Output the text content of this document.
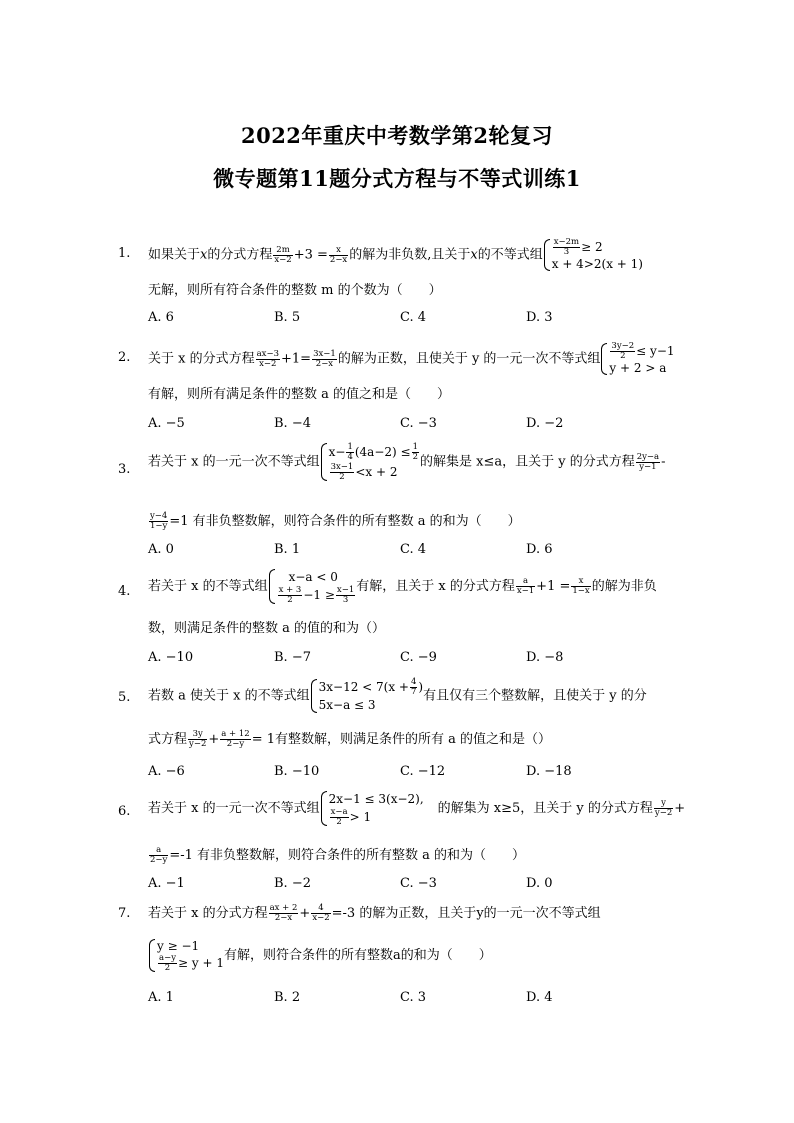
2022年重庆中考数学第2轮复习
微专题第11题分式方程与不等式训练1
1.	如果关于x的分式方程 $\frac{2m}{x-2} +3 = \frac{x}{2-x}$ 的解为非负数,且关于x的不等式组 $\frac{x-2m}{3} \ge 2$
x + 4>2(x + 1)
无解，则所有符合条件的整数 m 的个数为（　　）
A. 6	B. 5	C. 4	D. 3
2.	关于 x 的分式方程 $\frac{ax-3}{x-2} +1= \frac{3x-1}{2-x}$ 的解为正数，且使关于 y 的一元一次不等式组 $\frac{3y-2}{2} \le y-1$
y + 2 > a
有解，则所有满足条件的整数 a 的值之和是（　　）
A. −5	B. −4	C. −3	D. −2
3.	若关于 x 的一元一次不等式组
$x- \frac{1}{4} (4a-2) \le \frac{1}{2}$
$\frac{3x-1}{2} <x + 2$
的解集是 x≤a，且关于 y 的分式方程 $\frac{2y-a}{y-1}$ -
$\frac{y-4}{1-y} =1$ 有非负整数解，则符合条件的所有整数 a 的和为（　　）
A. 0	B. 1	C. 4	D. 6
4.	若关于 x 的不等式组
x−a < 0
$\frac{x + 3}{2} -1 \ge \frac{x-1}{3}$ 有解，且关于 x 的分式方程 $\frac{a}{x-1} +1 = \frac{x}{1-x}$ 的解为非负
数，则满足条件的整数 a 的值的和为（）
A. −10	B. −7	C. −9	D. −8
5.	若数 a 使关于 x 的不等式组
$3x-12 < 7(x + \frac{4}{7}$ )
5x−a ≤ 3
有且仅有三个整数解，且使关于 y 的分
式方程 $\frac{3y}{y-2} + \frac{a + 12}{2-y} = 1$有整数解，则满足条件的所有 a 的值之和是（）
A. −6	B. −10	C. −12	D. −18
6.	若关于 x 的一元一次不等式组
2x−1 ≤ 3(x−2),
$\frac{x-a}{2} > 1$
的解集为 x≥5，且关于 y 的分式方程 $\frac{y}{y-2}$ +
$\frac{a}{2-y} =-1$ 有非负整数解，则符合条件的所有整数 a 的和为（　　）
A. −1	B. −2	C. −3	D. 0
7.	若关于 x 的分式方程 $\frac{ax + 2}{2-x} + \frac{4}{x-2} =-3$ 的解为正数，且关于y的一元一次不等式组
y ≥ −1
$\frac{a-y}{2} \ge y + 1$ 有解，则符合条件的所有整数a的和为（　　）
A. 1	B. 2	C. 3	D. 4
